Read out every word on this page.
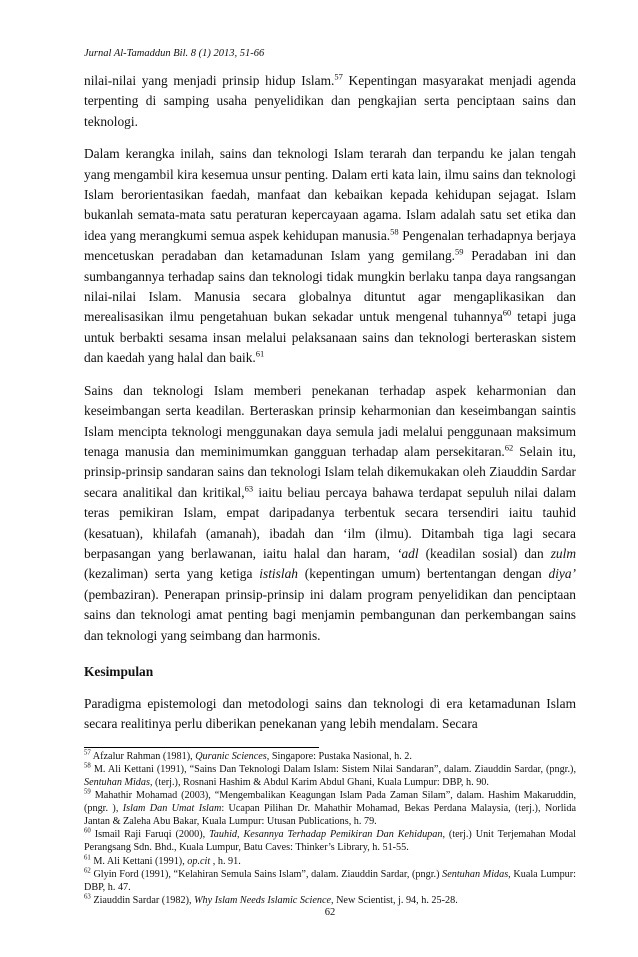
Jurnal Al-Tamaddun Bil. 8 (1) 2013, 51-66

nilai-nilai yang menjadi prinsip hidup Islam.$^{57}$ Kepentingan masyarakat menjadi agenda terpenting di samping usaha penyelidikan dan pengkajian serta penciptaan sains dan teknologi.

Dalam kerangka inilah, sains dan teknologi Islam terarah dan terpandu ke jalan tengah yang mengambil kira kesemua unsur penting. Dalam erti kata lain, ilmu sains dan teknologi Islam berorientasikan faedah, manfaat dan kebaikan kepada kehidupan sejagat. Islam bukanlah semata-mata satu peraturan kepercayaan agama. Islam adalah satu set etika dan idea yang merangkumi semua aspek kehidupan manusia.$^{58}$ Pengenalan terhadapnya berjaya mencetuskan peradaban dan ketamadunan Islam yang gemilang.$^{59}$ Peradaban ini dan sumbangannya terhadap sains dan teknologi tidak mungkin berlaku tanpa daya rangsangan nilai-nilai Islam. Manusia secara globalnya dituntut agar mengaplikasikan dan merealisasikan ilmu pengetahuan bukan sekadar untuk mengenal tuhannya$^{60}$ tetapi juga untuk berbakti sesama insan melalui pelaksanaan sains dan teknologi berteraskan sistem dan kaedah yang halal dan baik.$^{61}$

Sains dan teknologi Islam memberi penekanan terhadap aspek keharmonian dan keseimbangan serta keadilan. Berteraskan prinsip keharmonian dan keseimbangan saintis Islam mencipta teknologi menggunakan daya semula jadi melalui penggunaan maksimum tenaga manusia dan meminimumkan gangguan terhadap alam persekitaran.$^{62}$ Selain itu, prinsip-prinsip sandaran sains dan teknologi Islam telah dikemukakan oleh Ziauddin Sardar secara analitikal dan kritikal,$^{63}$ iaitu beliau percaya bahawa terdapat sepuluh nilai dalam teras pemikiran Islam, empat daripadanya terbentuk secara tersendiri iaitu tauhid (kesatuan), khilafah (amanah), ibadah dan ‘ilm (ilmu). Ditambah tiga lagi secara berpasangan yang berlawanan, iaitu halal dan haram, ‘adl (keadilan sosial) dan zulm (kezaliman) serta yang ketiga istislah (kepentingan umum) bertentangan dengan diya’ (pembaziran). Penerapan prinsip-prinsip ini dalam program penyelidikan dan penciptaan sains dan teknologi amat penting bagi menjamin pembangunan dan perkembangan sains dan teknologi yang seimbang dan harmonis.

Kesimpulan

Paradigma epistemologi dan metodologi sains dan teknologi di era ketamadunan Islam secara realitinya perlu diberikan penekanan yang lebih mendalam. Secara

$^{57}$ Afzalur Rahman (1981), Quranic Sciences, Singapore: Pustaka Nasional, h. 2.

$^{58}$ M. Ali Kettani (1991), “Sains Dan Teknologi Dalam Islam: Sistem Nilai Sandaran”, dalam. Ziauddin Sardar, (pngr.), Sentuhan Midas, (terj.), Rosnani Hashim & Abdul Karim Abdul Ghani, Kuala Lumpur: DBP, h. 90.

$^{59}$ Mahathir Mohamad (2003), “Mengembalikan Keagungan Islam Pada Zaman Silam”, dalam. Hashim Makaruddin, (pngr. ), Islam Dan Umat Islam: Ucapan Pilihan Dr. Mahathir Mohamad, Bekas Perdana Malaysia, (terj.), Norlida Jantan & Zaleha Abu Bakar, Kuala Lumpur: Utusan Publications, h. 79.

$^{60}$ Ismail Raji Faruqi (2000), Tauhid, Kesannya Terhadap Pemikiran Dan Kehidupan, (terj.) Unit Terjemahan Modal Perangsang Sdn. Bhd., Kuala Lumpur, Batu Caves: Thinker’s Library, h. 51-55.

$^{61}$ M. Ali Kettani (1991), op.cit , h. 91.

$^{62}$ Glyin Ford (1991), “Kelahiran Semula Sains Islam”, dalam. Ziauddin Sardar, (pngr.) Sentuhan Midas, Kuala Lumpur: DBP, h. 47.

$^{63}$ Ziauddin Sardar (1982), Why Islam Needs Islamic Science, New Scientist, j. 94, h. 25-28.

62
